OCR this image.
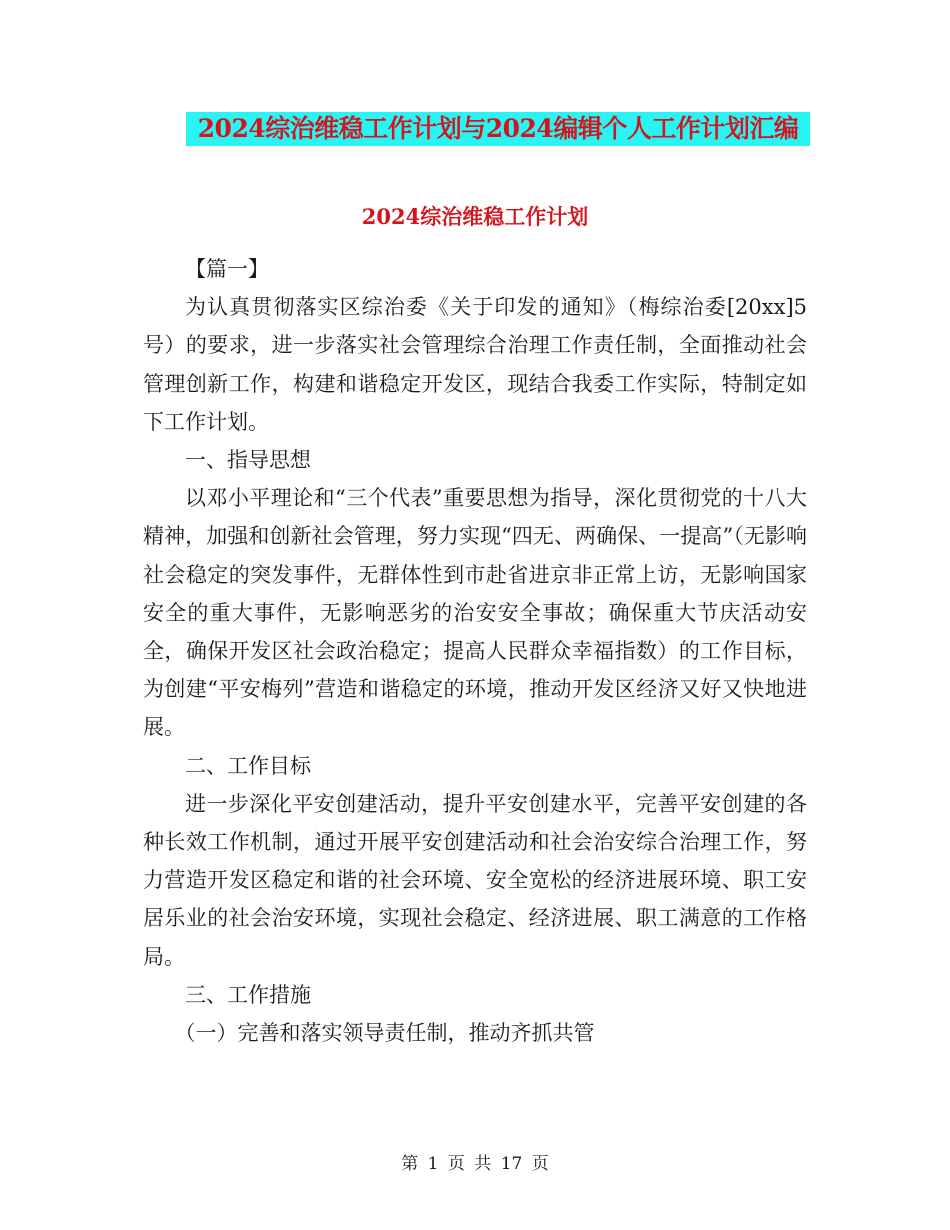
2024综治维稳工作计划与2024编辑个人工作计划汇编
2024综治维稳工作计划

【篇一】

为认真贯彻落实区综治委《关于印发的通知》（梅综治委[20xx]5号）的要求，进一步落实社会管理综合治理工作责任制，全面推动社会管理创新工作，构建和谐稳定开发区，现结合我委工作实际，特制定如下工作计划。

一、指导思想

以邓小平理论和“三个代表”重要思想为指导，深化贯彻党的十八大精神，加强和创新社会管理，努力实现“四无、两确保、一提高”（无影响社会稳定的突发事件，无群体性到市赴省进京非正常上访，无影响国家安全的重大事件，无影响恶劣的治安安全事故；确保重大节庆活动安全，确保开发区社会政治稳定；提高人民群众幸福指数）的工作目标，为创建“平安梅列”营造和谐稳定的环境，推动开发区经济又好又快地进展。

二、工作目标

进一步深化平安创建活动，提升平安创建水平，完善平安创建的各种长效工作机制，通过开展平安创建活动和社会治安综合治理工作，努力营造开发区稳定和谐的社会环境、安全宽松的经济进展环境、职工安居乐业的社会治安环境，实现社会稳定、经济进展、职工满意的工作格局。

三、工作措施

（一）完善和落实领导责任制，推动齐抓共管

第 1 页 共 17 页
